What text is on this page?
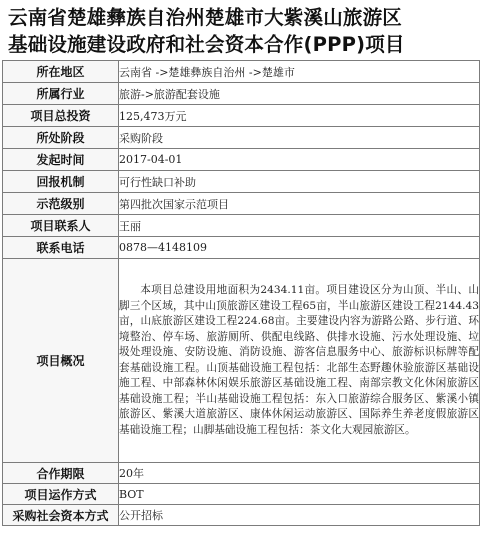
云南省楚雄彝族自治州楚雄市大紫溪山旅游区
基础设施建设政府和社会资本合作(PPP)项目
所在地区	云南省 ->楚雄彝族自治州 ->楚雄市
所属行业	旅游->旅游配套设施
项目总投资	125,473万元
所处阶段	采购阶段
发起时间	2017-04-01
回报机制	可行性缺口补助
示范级别	第四批次国家示范项目
项目联系人	王丽
联系电话	0878—4148109
项目概况	本项目总建设用地面积为2434.11亩。项目建设区分为山顶、半山、山脚三个区域，其中山顶旅游区建设工程65亩，半山旅游区建设工程2144.43亩，山底旅游区建设工程224.68亩。主要建设内容为游路公路、步行道、环境整治、停车场、旅游厕所、供配电线路、供排水设施、污水处理设施、垃圾处理设施、安防设施、消防设施、游客信息服务中心、旅游标识标牌等配套基础设施工程。山顶基础设施工程包括：北部生态野趣休验旅游区基础设施工程、中部森林休闲娱乐旅游区基础设施工程、南部宗教文化休闲旅游区基础设施工程；半山基础设施工程包括：东入口旅游综合服务区、紫溪小镇旅游区、紫溪大道旅游区、康体休闲运动旅游区、国际养生养老度假旅游区基础设施工程；山脚基础设施工程包括：茶文化大观园旅游区。

合作期限	20年
项目运作方式	BOT
采购社会资本方式	公开招标
